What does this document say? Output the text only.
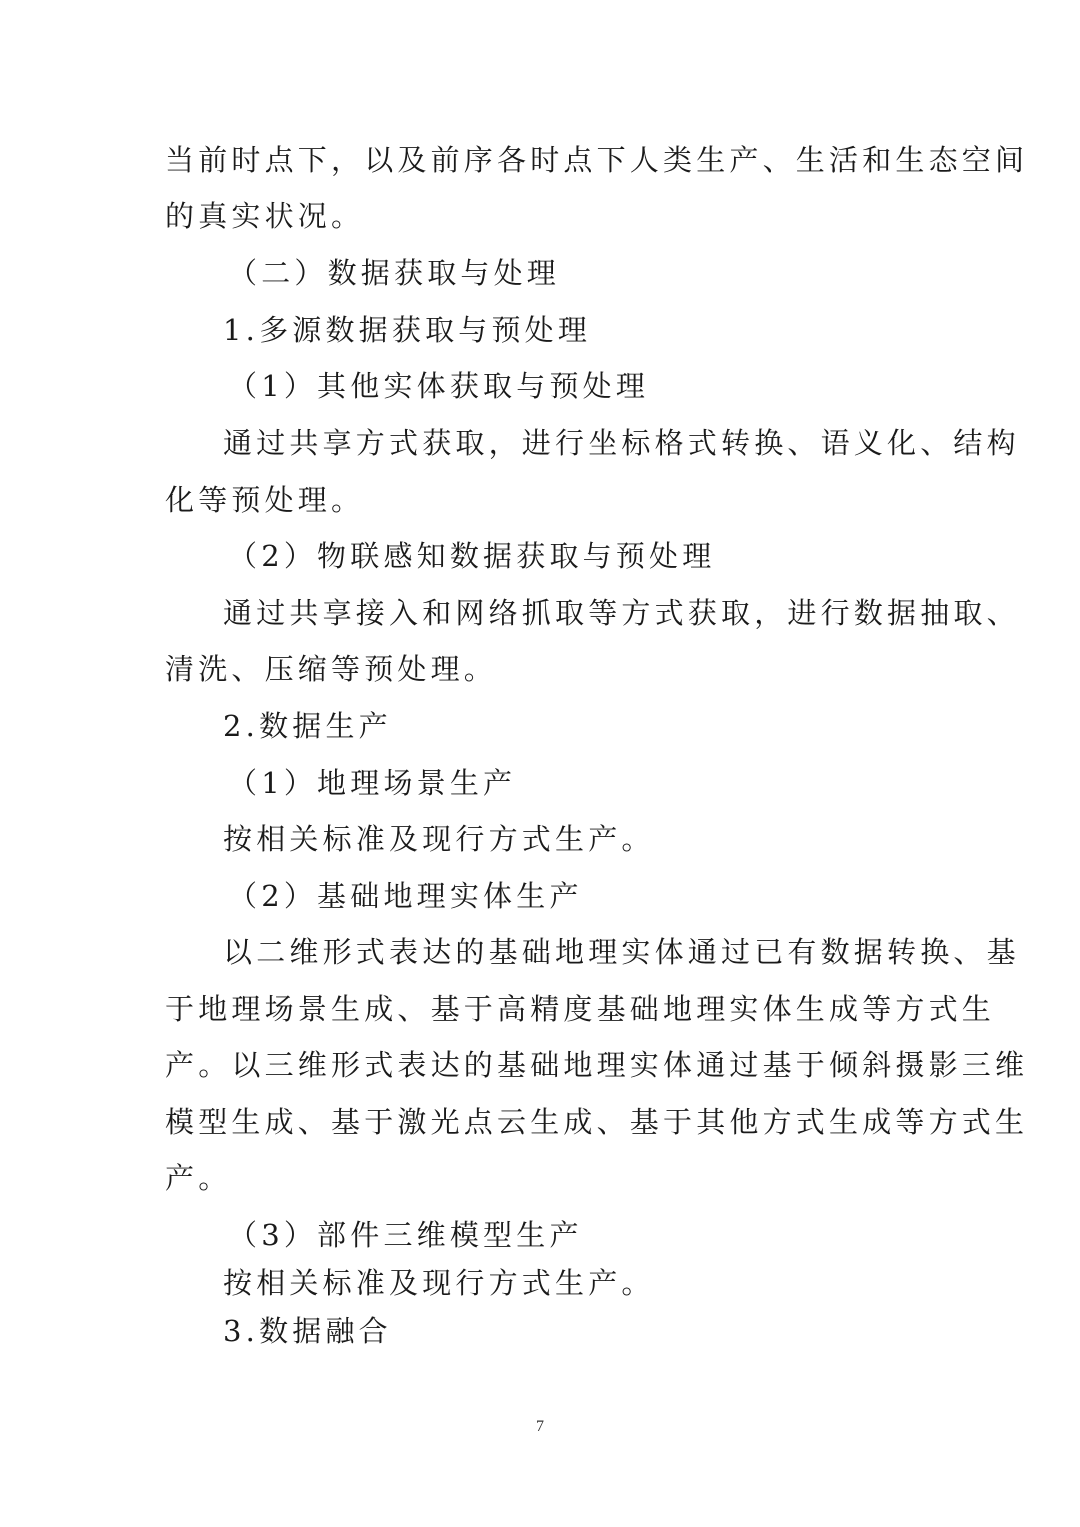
当前时点下，以及前序各时点下人类生产、生活和生态空间
的真实状况。
（二）数据获取与处理
1.多源数据获取与预处理
（1）其他实体获取与预处理
通过共享方式获取，进行坐标格式转换、语义化、结构
化等预处理。
（2）物联感知数据获取与预处理
通过共享接入和网络抓取等方式获取，进行数据抽取、
清洗、压缩等预处理。
2.数据生产
（1）地理场景生产
按相关标准及现行方式生产。
（2）基础地理实体生产
以二维形式表达的基础地理实体通过已有数据转换、基
于地理场景生成、基于高精度基础地理实体生成等方式生
产。以三维形式表达的基础地理实体通过基于倾斜摄影三维
模型生成、基于激光点云生成、基于其他方式生成等方式生
产。
（3）部件三维模型生产
按相关标准及现行方式生产。
3.数据融合
7
